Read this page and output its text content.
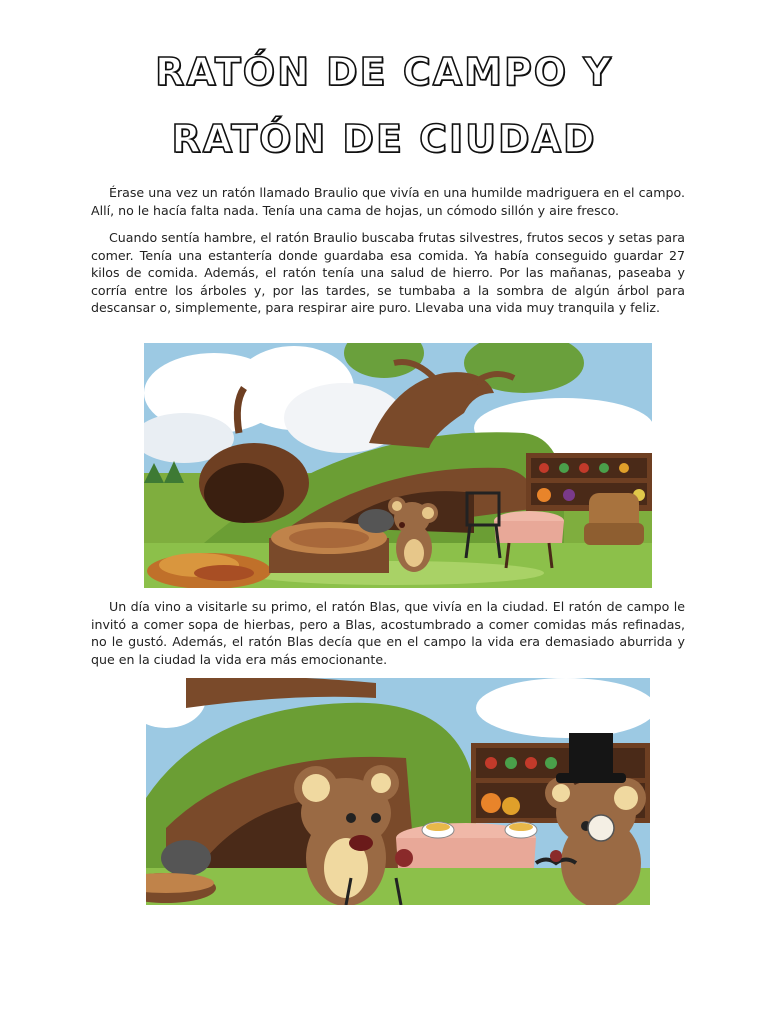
RATÓN DE CAMPO Y
RATÓN DE CIUDAD

Érase una vez un ratón llamado Braulio que vivía en una humilde madriguera en el campo. Allí, no le hacía falta nada. Tenía una cama de hojas, un cómodo sillón y aire fresco.

Cuando sentía hambre, el ratón Braulio buscaba frutas silvestres, frutos secos y setas para comer. Tenía una estantería donde guardaba esa comida. Ya había conseguido guardar 27 kilos de comida. Además, el ratón tenía una salud de hierro. Por las mañanas, paseaba y corría entre los árboles y, por las tardes, se tumbaba a la sombra de algún árbol para descansar o, simplemente, para respirar aire puro. Llevaba una vida muy tranquila y feliz.

Un día vino a visitarle su primo, el ratón Blas, que vivía en la ciudad. El ratón de campo le invitó a comer sopa de hierbas, pero a Blas, acostumbrado a comer comidas más refinadas, no le gustó. Además, el ratón Blas decía que en el campo la vida era demasiado aburrida y que en la ciudad la vida era más emocionante.
